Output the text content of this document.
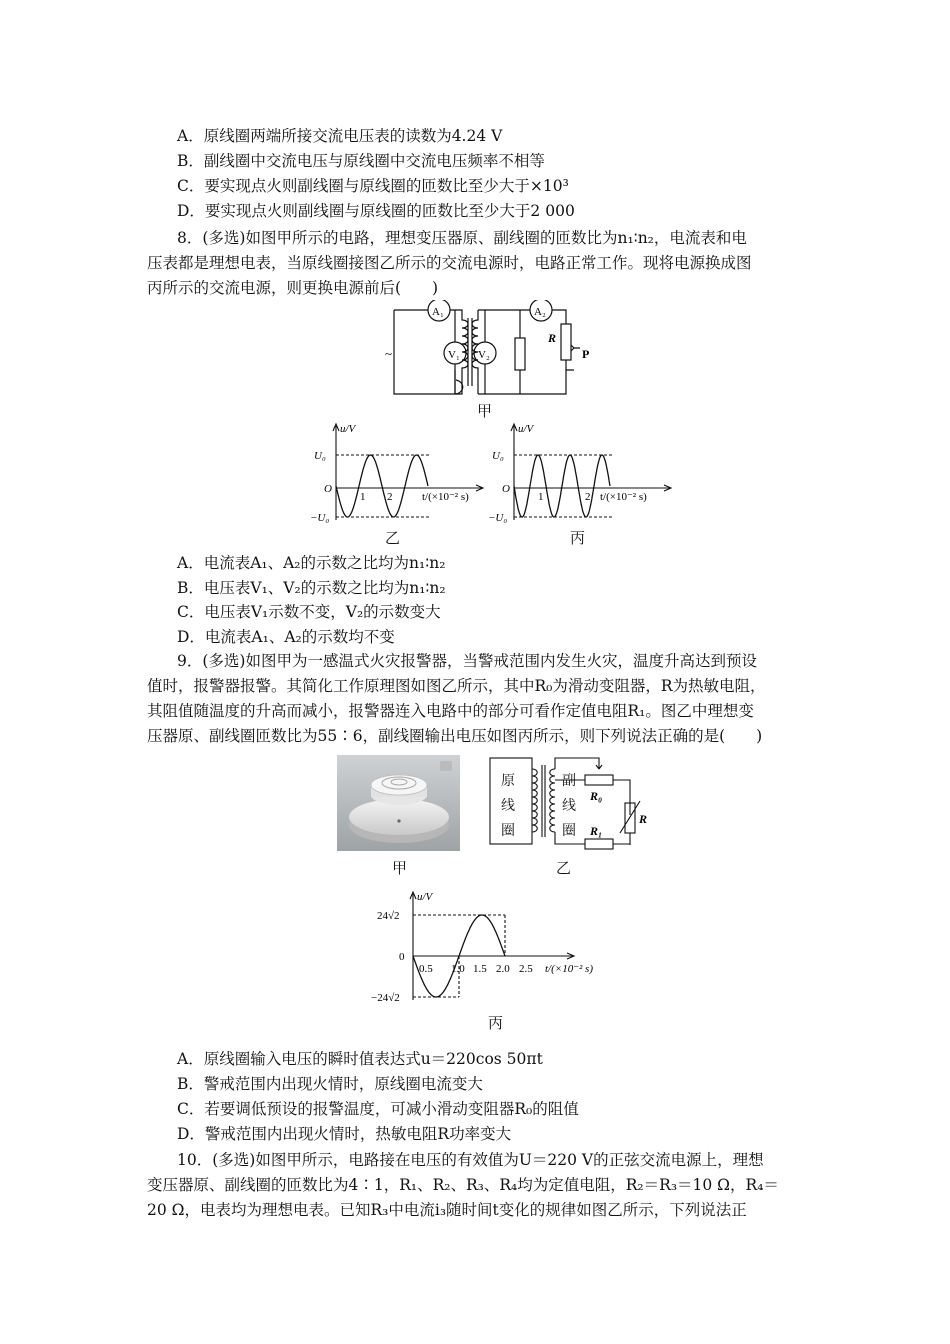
A．原线圈两端所接交流电压表的读数为4.24 V
B．副线圈中交流电压与原线圈中交流电压频率不相等
C．要实现点火则副线圈与原线圈的匝数比至少大于×10³
D．要实现点火则副线圈与原线圈的匝数比至少大于2 000
8．(多选)如图甲所示的电路，理想变压器原、副线圈的匝数比为n₁∶n₂，电流表和电
压表都是理想电表，当原线圈接图乙所示的交流电源时，电路正常工作。现将电源换成图
丙所示的交流电源，则更换电源前后(　　)
~
A₁
V₁ V₂
A₂
R
P
甲
u/V
U₀
−U₀
O
1 2	t/(×10⁻² s)
乙
u/V
U₀
−U₀
O
1	2 t/(×10⁻² s)
丙
A．电流表A₁、A₂的示数之比均为n₁∶n₂
B．电压表V₁、V₂的示数之比均为n₁∶n₂
C．电压表V₁示数不变，V₂的示数变大
D．电流表A₁、A₂的示数均不变
9．(多选)如图甲为一感温式火灾报警器，当警戒范围内发生火灾，温度升高达到预设
值时，报警器报警。其简化工作原理图如图乙所示，其中R₀为滑动变阻器，R为热敏电阻，
其阻值随温度的升高而减小，报警器连入电路中的部分可看作定值电阻R₁。图乙中理想变
压器原、副线圈匝数比为55∶6，副线圈输出电压如图丙所示，则下列说法正确的是(　　)
甲
原
线
圈
副
线
圈
R₀
R
R₁
乙
u/V
24√2
−24√2
0
0.5 1.0 1.5 2.0 2.5 t/(×10⁻² s)
丙
A．原线圈输入电压的瞬时值表达式u＝220cos 50πt
B．警戒范围内出现火情时，原线圈电流变大
C．若要调低预设的报警温度，可减小滑动变阻器R₀的阻值
D．警戒范围内出现火情时，热敏电阻R功率变大
10．(多选)如图甲所示，电路接在电压的有效值为U＝220 V的正弦交流电源上，理想
变压器原、副线圈的匝数比为4∶1，R₁、R₂、R₃、R₄均为定值电阻，R₂＝R₃＝10 Ω，R₄＝
20 Ω，电表均为理想电表。已知R₃中电流i₃随时间t变化的规律如图乙所示，下列说法正
